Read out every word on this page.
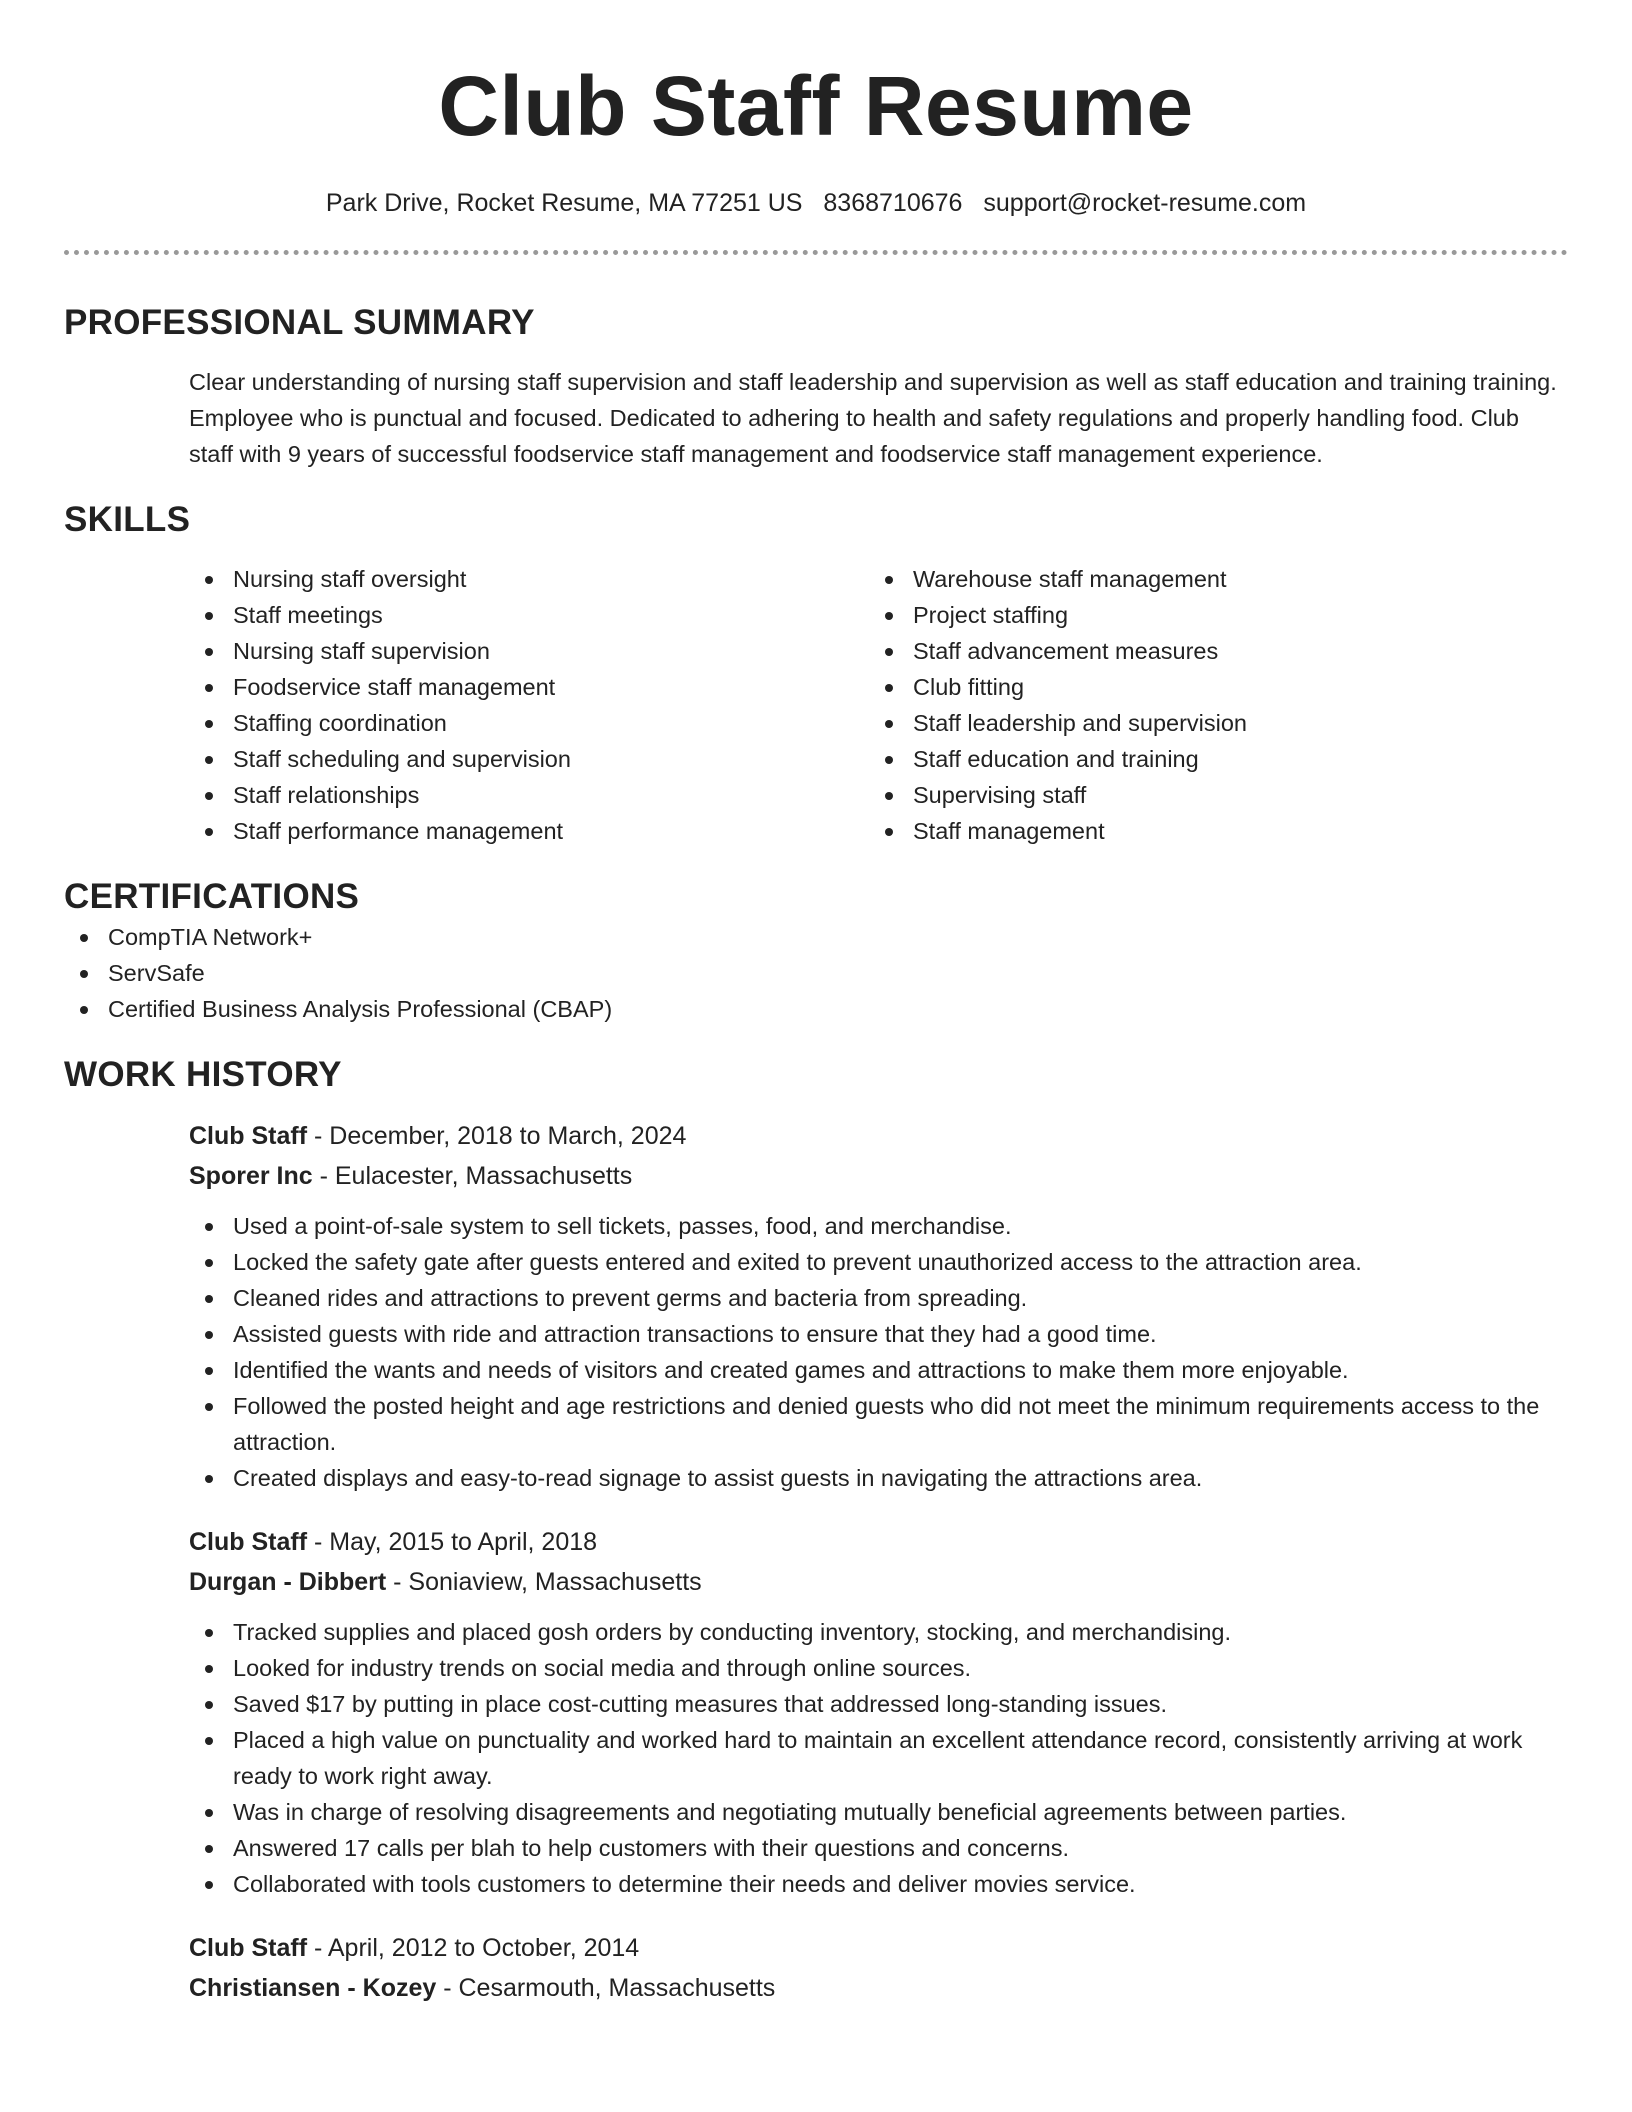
Club Staff Resume
Park Drive, Rocket Resume, MA 77251 US 8368710676 support@rocket-resume.com
PROFESSIONAL SUMMARY

Clear understanding of nursing staff supervision and staff leadership and supervision as well as staff education and training training. Employee who is punctual and focused. Dedicated to adhering to health and safety regulations and properly handling food. Club staff with 9 years of successful foodservice staff management and foodservice staff management experience.

SKILLS
Nursing staff oversight
Staff meetings
Nursing staff supervision
Foodservice staff management
Staffing coordination
Staff scheduling and supervision
Staff relationships
Staff performance management
Warehouse staff management
Project staffing
Staff advancement measures
Club fitting
Staff leadership and supervision
Staff education and training
Supervising staff
Staff management
CERTIFICATIONS
CompTIA Network+
ServSafe
Certified Business Analysis Professional (CBAP)
WORK HISTORY
Club Staff - December, 2018 to March, 2024
Sporer Inc - Eulacester, Massachusetts
Used a point-of-sale system to sell tickets, passes, food, and merchandise.
Locked the safety gate after guests entered and exited to prevent unauthorized access to the attraction area.
Cleaned rides and attractions to prevent germs and bacteria from spreading.
Assisted guests with ride and attraction transactions to ensure that they had a good time.
Identified the wants and needs of visitors and created games and attractions to make them more enjoyable.
Followed the posted height and age restrictions and denied guests who did not meet the minimum requirements access to the attraction.
Created displays and easy-to-read signage to assist guests in navigating the attractions area.
Club Staff - May, 2015 to April, 2018
Durgan - Dibbert - Soniaview, Massachusetts
Tracked supplies and placed gosh orders by conducting inventory, stocking, and merchandising.
Looked for industry trends on social media and through online sources.
Saved $17 by putting in place cost-cutting measures that addressed long-standing issues.
Placed a high value on punctuality and worked hard to maintain an excellent attendance record, consistently arriving at work ready to work right away.
Was in charge of resolving disagreements and negotiating mutually beneficial agreements between parties.
Answered 17 calls per blah to help customers with their questions and concerns.
Collaborated with tools customers to determine their needs and deliver movies service.
Club Staff - April, 2012 to October, 2014
Christiansen - Kozey - Cesarmouth, Massachusetts
